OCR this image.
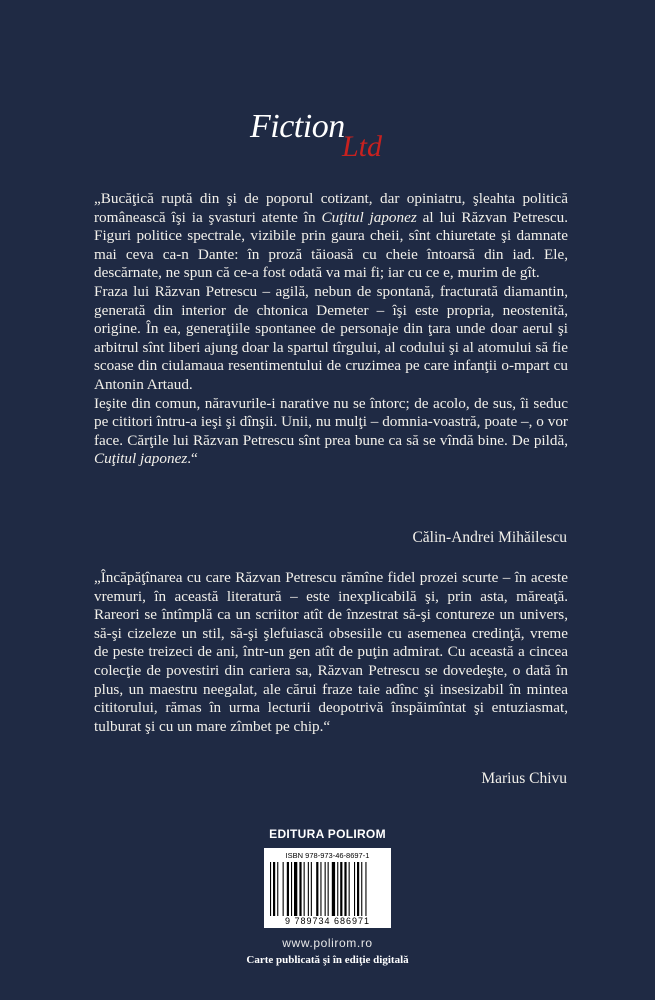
Fiction
Ltd

„Bucăţică ruptă din şi de poporul cotizant, dar opiniatru, şleahta politică românească îşi ia şvasturi atente în Cuţitul japonez al lui Răzvan Petrescu. Figuri politice spectrale, vizibile prin gaura cheii, sînt chiuretate şi damnate mai ceva ca-n Dante: în proză tăioasă cu cheie întoarsă din iad. Ele, descărnate, ne spun că ce-a fost odată va mai fi; iar cu ce e, murim de gît.

Fraza lui Răzvan Petrescu – agilă, nebun de spontană, fracturată diamantin, generată din interior de chtonica Demeter – îşi este propria, neostenită, origine. În ea, generaţiile spontanee de personaje din ţara unde doar aerul şi arbitrul sînt liberi ajung doar la spartul tîrgului, al codului şi al atomului să fie scoase din ciulamaua resentimentului de cruzimea pe care infanţii o-mpart cu Antonin Artaud.

Ieşite din comun, năravurile-i narative nu se întorc; de acolo, de sus, îi seduc pe cititori întru-a ieşi şi dînşii. Unii, nu mulţi – domnia-voastră, poate –, o vor face. Cărţile lui Răzvan Petrescu sînt prea bune ca să se vîndă bine. De pildă, Cuţitul japonez.“

Călin-Andrei Mihăilescu

„Încăpăţînarea cu care Răzvan Petrescu rămîne fidel prozei scurte – în aceste vremuri, în această literatură – este inexplicabilă şi, prin asta, măreaţă. Rareori se întîmplă ca un scriitor atît de înzestrat să-şi contureze un univers, să-şi cizeleze un stil, să-şi şlefuiască obsesiile cu asemenea credinţă, vreme de peste treizeci de ani, într-un gen atît de puţin admirat. Cu această a cincea colecţie de povestiri din cariera sa, Răzvan Petrescu se dovedeşte, o dată în plus, un maestru neegalat, ale cărui fraze taie adînc şi insesizabil în mintea cititorului, rămas în urma lecturii deopotrivă înspăimîntat şi entuziasmat, tulburat şi cu un mare zîmbet pe chip.“

Marius Chivu
EDITURA POLIROM
ISBN 978-973-46-8697-1
9 789734 686971
www.polirom.ro
Carte publicată şi în ediţie digitală
